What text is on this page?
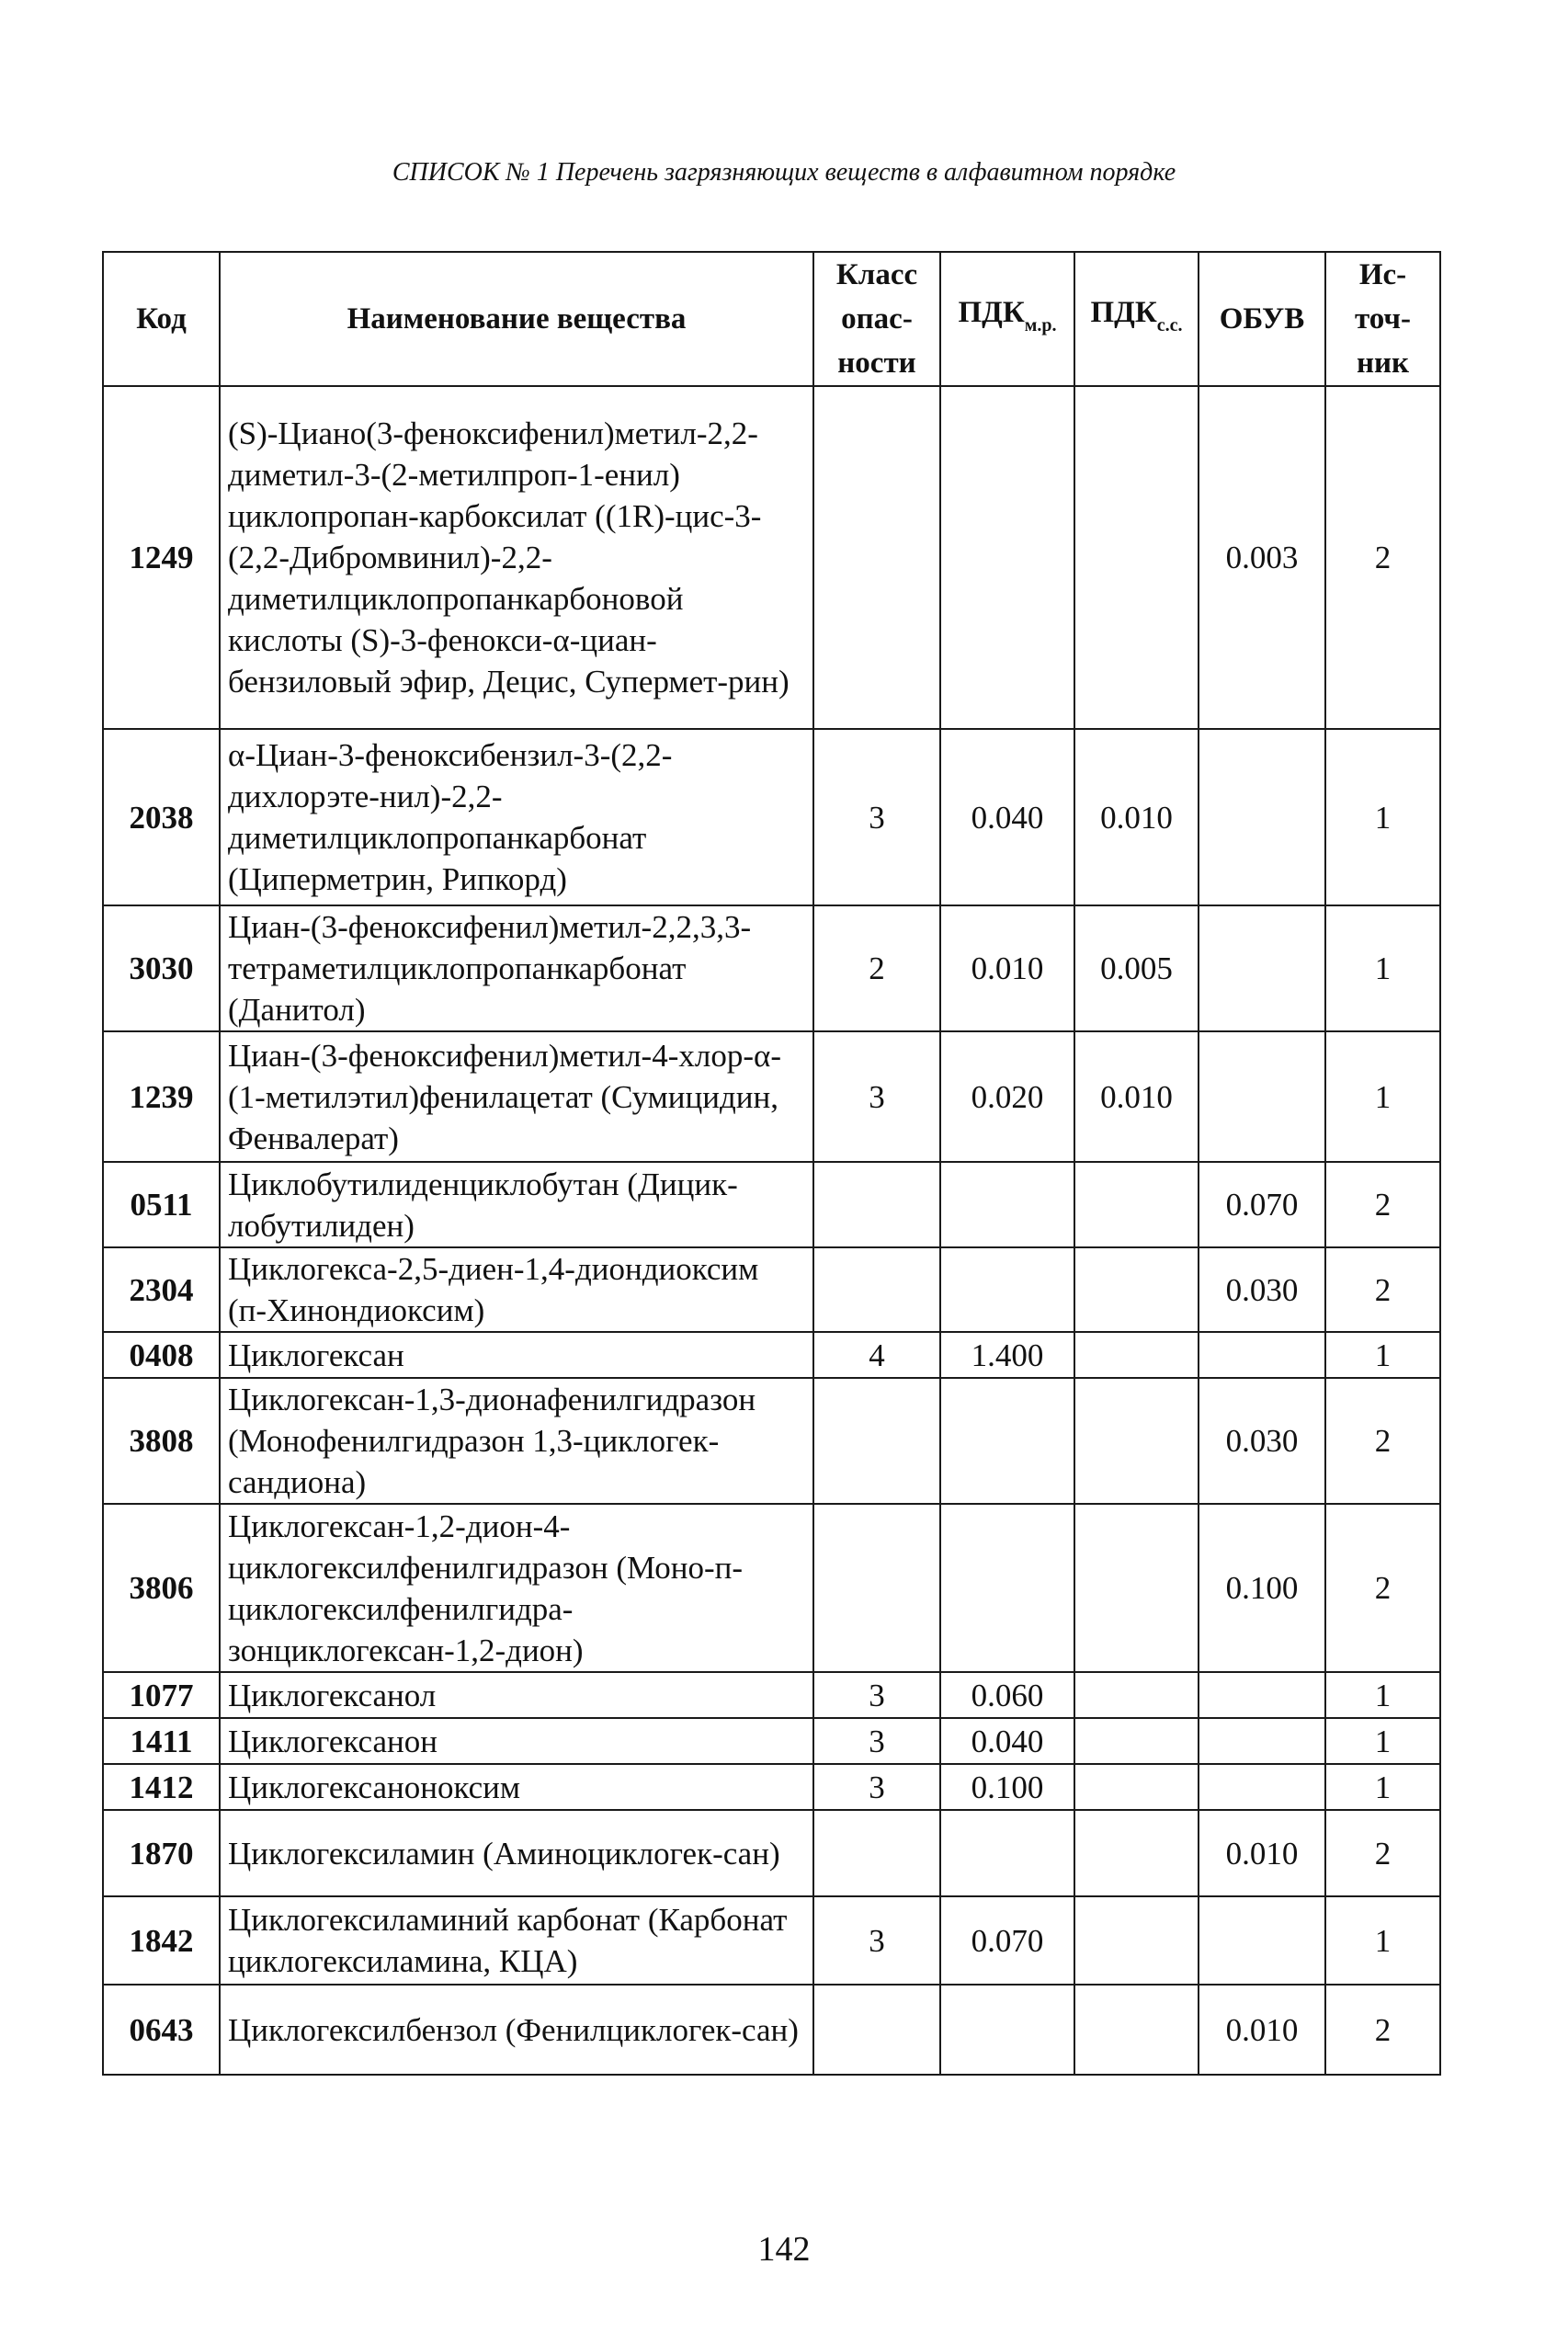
СПИСОК № 1 Перечень загрязняющих веществ в алфавитном порядке
Код	Наименование вещества	Класс опас-ности	$ПДК_{м.р.}$	$ПДК_{с.с.}$	ОБУВ	Ис-точ-ник
1249	(S)-Циано(3-феноксифенил)метил-2,2-диметил-3-(2-метилпроп-1-енил) циклопропан-карбоксилат ((1R)-цис-3-(2,2-Дибромвинил)-2,2-диметилциклопропанкарбоновой кислоты (S)-3-фенокси-α-циан-бензиловый эфир, Децис, Супермет-рин)				0.003	2
2038	α-Циан-3-феноксибензил-3-(2,2-дихлорэте-нил)-2,2-диметилциклопропанкарбонат (Циперметрин, Рипкорд)	3	0.040	0.010		1
3030	Циан-(3-феноксифенил)метил-2,2,3,3-тетраметилциклопропанкарбонат (Данитол)	2	0.010	0.005		1
1239	Циан-(3-феноксифенил)метил-4-хлор-α-(1-метилэтил)фенилацетат (Сумицидин, Фенвалерат)	3	0.020	0.010		1
0511	Циклобутилиденциклобутан (Дицик-лобутилиден)				0.070	2
2304	Циклогекса-2,5-диен-1,4-диондиоксим (п-Хинондиоксим)				0.030	2
0408	Циклогексан	4	1.400			1
3808	Циклогексан-1,3-дионафенилгидразон (Монофенилгидразон 1,3-циклогек-сандиона)				0.030	2
3806	Циклогексан-1,2-дион-4-циклогексилфенилгидразон (Моно-п-циклогексилфенилгидра-зонциклогексан-1,2-дион)				0.100	2
1077	Циклогексанол	3	0.060			1
1411	Циклогексанон	3	0.040			1
1412	Циклогексаноноксим	3	0.100			1
1870	Циклогексиламин (Аминоциклогек-сан)				0.010	2
1842	Циклогексиламиний карбонат (Карбонат циклогексиламина, КЦА)	3	0.070			1
0643	Циклогексилбензол (Фенилциклогек-сан)				0.010	2
142
